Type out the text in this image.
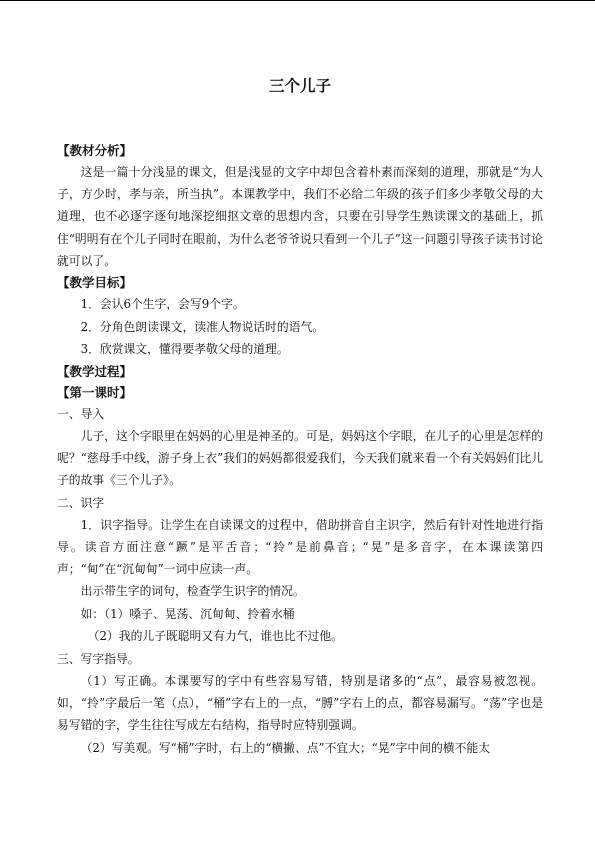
三个儿子
【教材分析】

这是一篇十分浅显的课文，但是浅显的文字中却包含着朴素而深刻的道理，那就是“为人子，方少时，孝与亲，所当执”。本课教学中，我们不必给二年级的孩子们多少孝敬父母的大道理，也不必逐字逐句地深挖细抠文章的思想内含，只要在引导学生熟读课文的基础上，抓住“明明有在个儿子同时在眼前，为什么老爷爷说只看到一个儿子”这一问题引导孩子读书讨论就可以了。

【教学目标】

1．会认6个生字，会写9个字。

2．分角色朗读课文，读准人物说话时的语气。

3．欣赏课文，懂得要孝敬父母的道理。

【教学过程】
【第一课时】

一、导入

儿子，这个字眼里在妈妈的心里是神圣的。可是，妈妈这个字眼，在儿子的心里是怎样的呢？“慈母手中线，游子身上衣”我们的妈妈都很爱我们，今天我们就来看一个有关妈妈们比儿子的故事《三个儿子》。

二、识字

1．识字指导。让学生在自读课文的过程中，借助拼音自主识字，然后有针对性地进行指导。读音方面注意“蹶”是平舌音；“拎”是前鼻音；“晃”是多音字，在本课读第四声；“甸”在“沉甸甸”一词中应读一声。

出示带生字的词句，检查学生识字的情况。

如：（1）嗓子、晃荡、沉甸甸、拎着水桶

（2）我的儿子既聪明又有力气，谁也比不过他。

三、写字指导。

（1）写正确。本课要写的字中有些容易写错，特别是诸多的“点”，最容易被忽视。如，“拎”字最后一笔（点），“桶”字右上的一点，“膊”字右上的点，都容易漏写。“荡”字也是易写错的字，学生往往写成左右结构，指导时应特别强调。

（2）写美观。写“桶”字时，右上的“横撇、点”不宜大；“晃”字中间的横不能太
